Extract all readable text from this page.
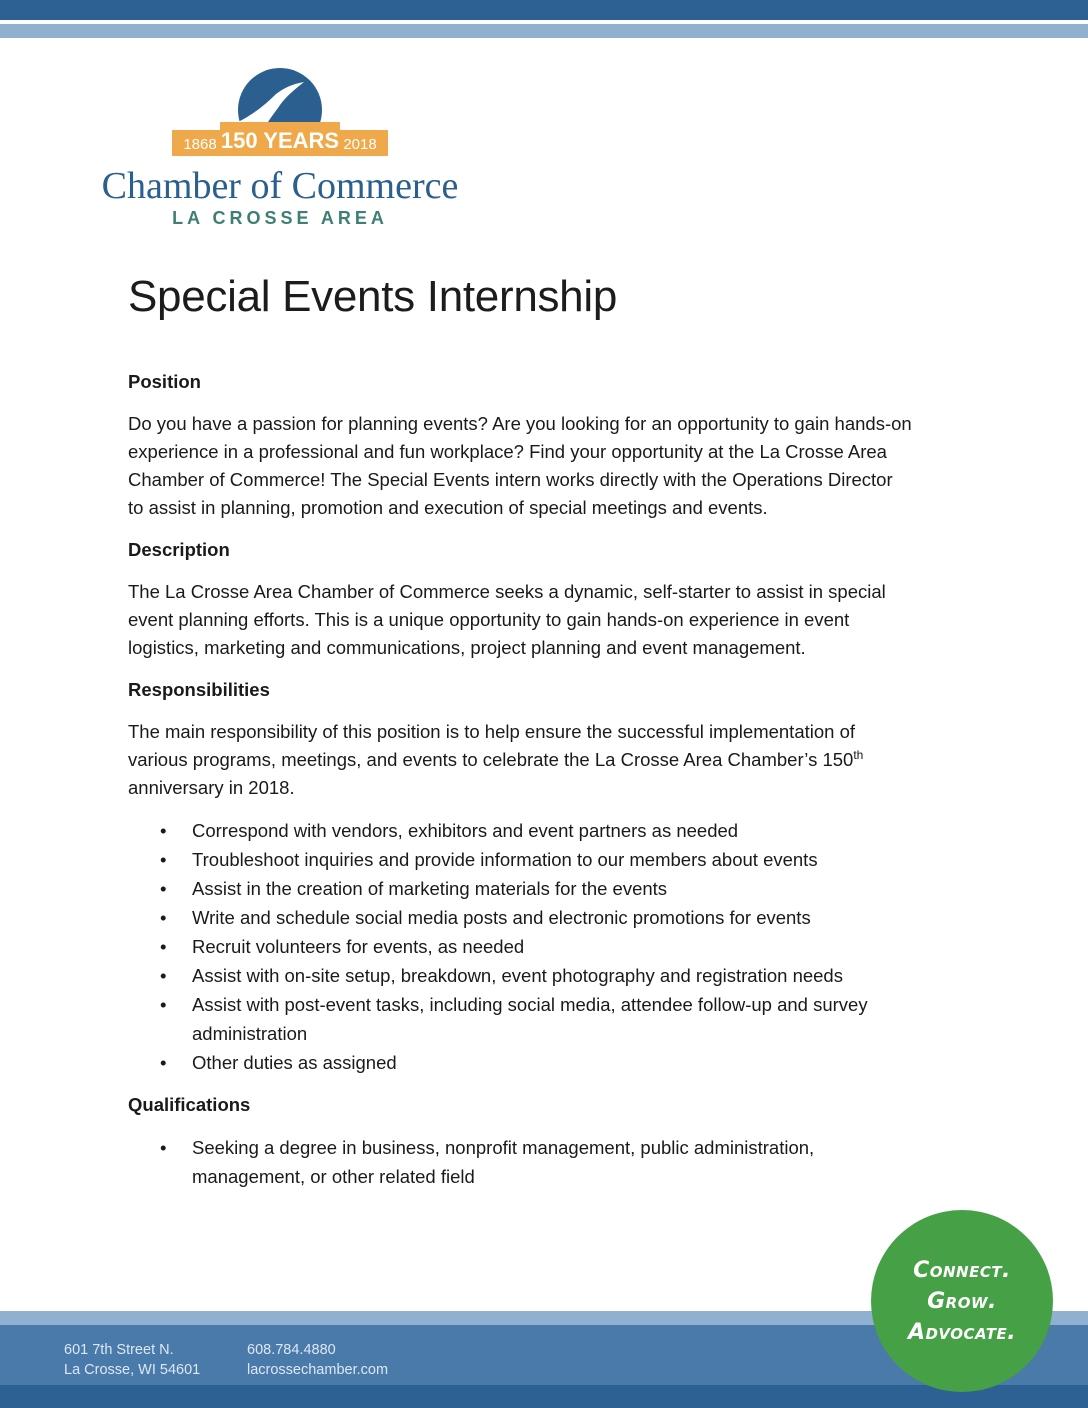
1868 150 YEARS 2018
Chamber of Commerce
LA CROSSE AREA
Special Events Internship
Position
Do you have a passion for planning events? Are you looking for an opportunity to gain hands-on
experience in a professional and fun workplace? Find your opportunity at the La Crosse Area
Chamber of Commerce! The Special Events intern works directly with the Operations Director
to assist in planning, promotion and execution of special meetings and events.
Description
The La Crosse Area Chamber of Commerce seeks a dynamic, self-starter to assist in special
event planning efforts. This is a unique opportunity to gain hands-on experience in event
logistics, marketing and communications, project planning and event management.
Responsibilities
The main responsibility of this position is to help ensure the successful implementation of
various programs, meetings, and events to celebrate the La Crosse Area Chamber’s 150th
anniversary in 2018.
• Correspond with vendors, exhibitors and event partners as needed
• Troubleshoot inquiries and provide information to our members about events
• Assist in the creation of marketing materials for the events
• Write and schedule social media posts and electronic promotions for events
• Recruit volunteers for events, as needed
• Assist with on-site setup, breakdown, event photography and registration needs
• Assist with post-event tasks, including social media, attendee follow-up and survey
administration
• Other duties as assigned
Qualifications
• Seeking a degree in business, nonprofit management, public administration,
management, or other related field
601 7th Street N.
La Crosse, WI 54601
608.784.4880
lacrossechamber.com
Connect.
Grow.
Advocate.
